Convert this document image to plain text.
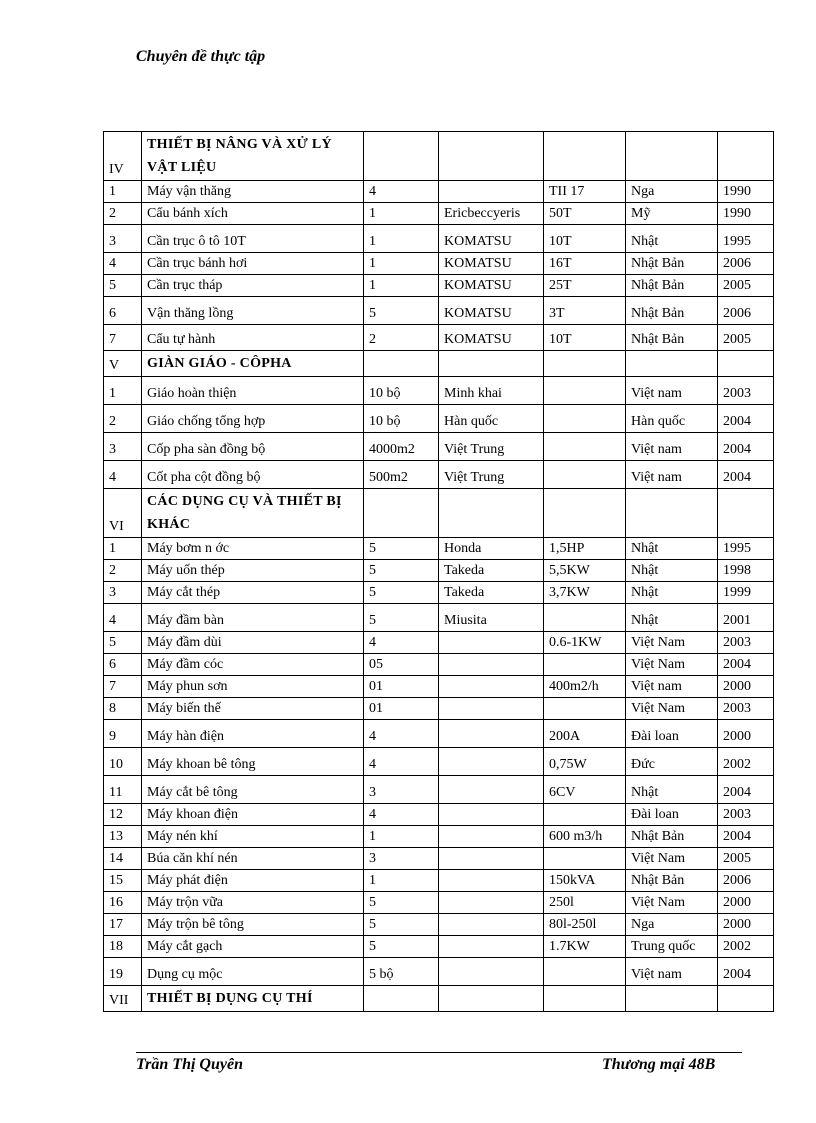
Chuyên đề thực tập
IV	THIẾT BỊ NÂNG VÀ XỬ LÝ VẬT LIỆU					
1	Máy vận thăng	4		TII 17	Nga	1990
2	Cẩu bánh xích	1	Ericbeccyeris	50T	Mỹ	1990
3	Cần trục ô tô 10T	1	KOMATSU	10T	Nhật	1995
4	Cần trục bánh hơi	1	KOMATSU	16T	Nhật Bản	2006
5	Cần trục tháp	1	KOMATSU	25T	Nhật Bản	2005
6	Vận thăng lồng	5	KOMATSU	3T	Nhật Bản	2006
7	Cẩu tự hành	2	KOMATSU	10T	Nhật Bản	2005
V	GIÀN GIÁO - CÔPHA					
1	Giáo hoàn thiện	10 bộ	Minh khai		Việt nam	2003
2	Giáo chống tổng hợp	10 bộ	Hàn quốc		Hàn quốc	2004
3	Cốp pha sàn đồng bộ	4000m2	Việt Trung		Việt nam	2004
4	Cốt pha cột đồng bộ	500m2	Việt Trung		Việt nam	2004
VI	CÁC DỤNG CỤ VÀ THIẾT BỊ KHÁC					
1	Máy bơm n ớc	5	Honda	1,5HP	Nhật	1995
2	Máy uốn thép	5	Takeda	5,5KW	Nhật	1998
3	Máy cắt thép	5	Takeda	3,7KW	Nhật	1999
4	Máy đầm bàn	5	Miusita		Nhật	2001
5	Máy đầm dùi	4		0.6-1KW	Việt Nam	2003
6	Máy đầm cóc	05			Việt Nam	2004
7	Máy phun sơn	01		400m2/h	Việt nam	2000
8	Máy biến thế	01			Việt Nam	2003
9	Máy hàn điện	4		200A	Đài loan	2000
10	Máy khoan bê tông	4		0,75W	Đức	2002
11	Máy cắt bê tông	3		6CV	Nhật	2004
12	Máy khoan điện	4			Đài loan	2003
13	Máy nén khí	1		600 m3/h	Nhật Bản	2004
14	Búa căn khí nén	3			Việt Nam	2005
15	Máy phát điện	1		150kVA	Nhật Bản	2006
16	Máy trộn vữa	5		250l	Việt Nam	2000
17	Máy trộn bê tông	5		80l-250l	Nga	2000
18	Máy cắt gạch	5		1.7KW	Trung quốc	2002
19	Dụng cụ mộc	5 bộ			Việt nam	2004
VII	THIẾT BỊ DỤNG CỤ THÍ					
Trần Thị Quyên	Thương mại 48B
